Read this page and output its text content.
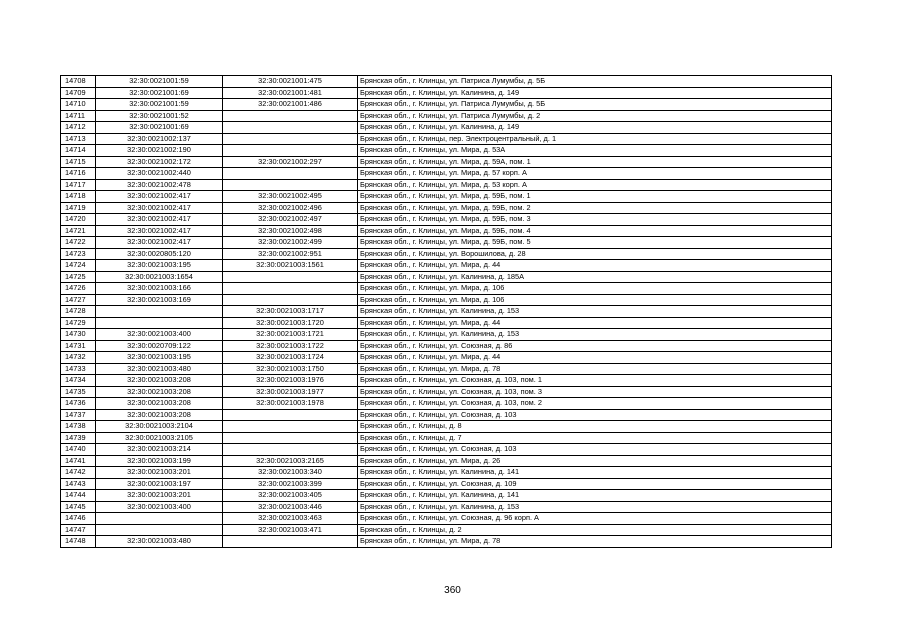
14708	32:30:0021001:59	32:30:0021001:475	Брянская обл., г. Клинцы, ул. Патриса Лумумбы, д. 5Б
14709	32:30:0021001:69	32:30:0021001:481	Брянская обл., г. Клинцы, ул. Калинина, д. 149
14710	32:30:0021001:59	32:30:0021001:486	Брянская обл., г. Клинцы, ул. Патриса Лумумбы, д. 5Б
14711	32:30:0021001:52		Брянская обл., г. Клинцы, ул. Патриса Лумумбы, д. 2
14712	32:30:0021001:69		Брянская обл., г. Клинцы, ул. Калинина, д. 149
14713	32:30:0021002:137		Брянская обл., г. Клинцы, пер. Электроцентральный, д. 1
14714	32:30:0021002:190		Брянская обл., г. Клинцы, ул. Мира, д. 53А
14715	32:30:0021002:172	32:30:0021002:297	Брянская обл., г. Клинцы, ул. Мира, д. 59А, пом. 1
14716	32:30:0021002:440		Брянская обл., г. Клинцы, ул. Мира, д. 57 корп. А
14717	32:30:0021002:478		Брянская обл., г. Клинцы, ул. Мира, д. 53 корп. А
14718	32:30:0021002:417	32:30:0021002:495	Брянская обл., г. Клинцы, ул. Мира, д. 59Б, пом. 1
14719	32:30:0021002:417	32:30:0021002:496	Брянская обл., г. Клинцы, ул. Мира, д. 59Б, пом. 2
14720	32:30:0021002:417	32:30:0021002:497	Брянская обл., г. Клинцы, ул. Мира, д. 59Б, пом. 3
14721	32:30:0021002:417	32:30:0021002:498	Брянская обл., г. Клинцы, ул. Мира, д. 59Б, пом. 4
14722	32:30:0021002:417	32:30:0021002:499	Брянская обл., г. Клинцы, ул. Мира, д. 59Б, пом. 5
14723	32:30:0020805:120	32:30:0021002:951	Брянская обл., г. Клинцы, ул. Ворошилова, д. 28
14724	32:30:0021003:195	32:30:0021003:1561	Брянская обл., г. Клинцы, ул. Мира, д. 44
14725	32:30:0021003:1654		Брянская обл., г. Клинцы, ул. Калинина, д. 185А
14726	32:30:0021003:166		Брянская обл., г. Клинцы, ул. Мира, д. 106
14727	32:30:0021003:169		Брянская обл., г. Клинцы, ул. Мира, д. 106
14728		32:30:0021003:1717	Брянская обл., г. Клинцы, ул. Калинина, д. 153
14729		32:30:0021003:1720	Брянская обл., г. Клинцы, ул. Мира, д. 44
14730	32:30:0021003:400	32:30:0021003:1721	Брянская обл., г. Клинцы, ул. Калинина, д. 153
14731	32:30:0020709:122	32:30:0021003:1722	Брянская обл., г. Клинцы, ул. Союзная, д. 86
14732	32:30:0021003:195	32:30:0021003:1724	Брянская обл., г. Клинцы, ул. Мира, д. 44
14733	32:30:0021003:480	32:30:0021003:1750	Брянская обл., г. Клинцы, ул. Мира, д. 78
14734	32:30:0021003:208	32:30:0021003:1976	Брянская обл., г. Клинцы, ул. Союзная, д. 103, пом. 1
14735	32:30:0021003:208	32:30:0021003:1977	Брянская обл., г. Клинцы, ул. Союзная, д. 103, пом. 3
14736	32:30:0021003:208	32:30:0021003:1978	Брянская обл., г. Клинцы, ул. Союзная, д. 103, пом. 2
14737	32:30:0021003:208		Брянская обл., г. Клинцы, ул. Союзная, д. 103
14738	32:30:0021003:2104		Брянская обл., г. Клинцы, д. 8
14739	32:30:0021003:2105		Брянская обл., г. Клинцы, д. 7
14740	32:30:0021003:214		Брянская обл., г. Клинцы, ул. Союзная, д. 103
14741	32:30:0021003:199	32:30:0021003:2165	Брянская обл., г. Клинцы, ул. Мира, д. 26
14742	32:30:0021003:201	32:30:0021003:340	Брянская обл., г. Клинцы, ул. Калинина, д. 141
14743	32:30:0021003:197	32:30:0021003:399	Брянская обл., г. Клинцы, ул. Союзная, д. 109
14744	32:30:0021003:201	32:30:0021003:405	Брянская обл., г. Клинцы, ул. Калинина, д. 141
14745	32:30:0021003:400	32:30:0021003:446	Брянская обл., г. Клинцы, ул. Калинина, д. 153
14746		32:30:0021003:463	Брянская обл., г. Клинцы, ул. Союзная, д. 96 корп. А
14747		32:30:0021003:471	Брянская обл., г. Клинцы, д. 2
14748	32:30:0021003:480		Брянская обл., г. Клинцы, ул. Мира, д. 78
360
